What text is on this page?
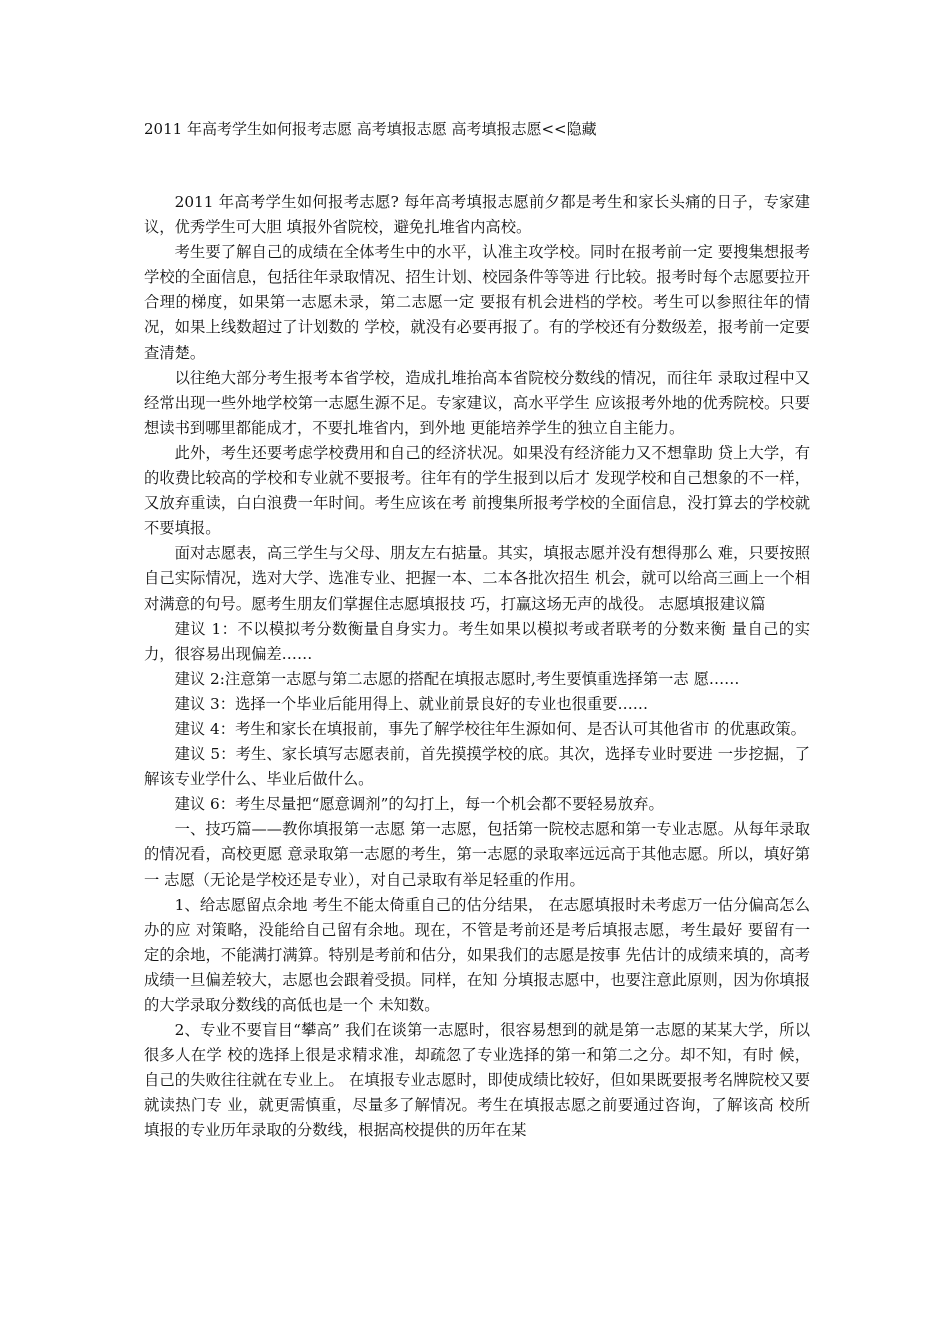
2011 年高考学生如何报考志愿 高考填报志愿 高考填报志愿<<隐藏

2011 年高考学生如何报考志愿? 每年高考填报志愿前夕都是考生和家长头痛的日子，专家建议，优秀学生可大胆 填报外省院校，避免扎堆省内高校。

考生要了解自己的成绩在全体考生中的水平，认准主攻学校。同时在报考前一定 要搜集想报考学校的全面信息，包括往年录取情况、招生计划、校园条件等等进 行比较。报考时每个志愿要拉开合理的梯度，如果第一志愿未录，第二志愿一定 要报有机会进档的学校。考生可以参照往年的情况，如果上线数超过了计划数的 学校，就没有必要再报了。有的学校还有分数级差，报考前一定要查清楚。

以往绝大部分考生报考本省学校，造成扎堆抬高本省院校分数线的情况，而往年 录取过程中又经常出现一些外地学校第一志愿生源不足。专家建议，高水平学生 应该报考外地的优秀院校。只要想读书到哪里都能成才，不要扎堆省内，到外地 更能培养学生的独立自主能力。

此外，考生还要考虑学校费用和自己的经济状况。如果没有经济能力又不想靠助 贷上大学，有的收费比较高的学校和专业就不要报考。往年有的学生报到以后才 发现学校和自己想象的不一样，又放弃重读，白白浪费一年时间。考生应该在考 前搜集所报考学校的全面信息，没打算去的学校就不要填报。

面对志愿表，高三学生与父母、朋友左右掂量。其实，填报志愿并没有想得那么 难，只要按照自己实际情况，选对大学、选准专业、把握一本、二本各批次招生 机会，就可以给高三画上一个相对满意的句号。愿考生朋友们掌握住志愿填报技 巧，打赢这场无声的战役。 志愿填报建议篇

建议 1：不以模拟考分数衡量自身实力。考生如果以模拟考或者联考的分数来衡 量自己的实力，很容易出现偏差……

建议 2:注意第一志愿与第二志愿的搭配在填报志愿时,考生要慎重选择第一志 愿……

建议 3：选择一个毕业后能用得上、就业前景良好的专业也很重要……

建议 4：考生和家长在填报前，事先了解学校往年生源如何、是否认可其他省市 的优惠政策。

建议 5：考生、家长填写志愿表前，首先摸摸学校的底。其次，选择专业时要进 一步挖掘，了解该专业学什么、毕业后做什么。

建议 6：考生尽量把“愿意调剂”的勾打上，每一个机会都不要轻易放弃。

一、技巧篇——教你填报第一志愿 第一志愿，包括第一院校志愿和第一专业志愿。从每年录取的情况看，高校更愿 意录取第一志愿的考生，第一志愿的录取率远远高于其他志愿。所以，填好第一 志愿（无论是学校还是专业），对自己录取有举足轻重的作用。

1、给志愿留点余地 考生不能太倚重自己的估分结果， 在志愿填报时未考虑万一估分偏高怎么办的应 对策略，没能给自己留有余地。现在，不管是考前还是考后填报志愿，考生最好 要留有一定的余地，不能满打满算。特别是考前和估分，如果我们的志愿是按事 先估计的成绩来填的，高考成绩一旦偏差较大，志愿也会跟着受损。同样，在知 分填报志愿中，也要注意此原则，因为你填报的大学录取分数线的高低也是一个 未知数。

2、专业不要盲目“攀高” 我们在谈第一志愿时，很容易想到的就是第一志愿的某某大学，所以很多人在学 校的选择上很是求精求准，却疏忽了专业选择的第一和第二之分。却不知，有时 候，自己的失败往往就在专业上。 在填报专业志愿时，即使成绩比较好，但如果既要报考名牌院校又要就读热门专 业，就更需慎重，尽量多了解情况。考生在填报志愿之前要通过咨询，了解该高 校所填报的专业历年录取的分数线，根据高校提供的历年在某
